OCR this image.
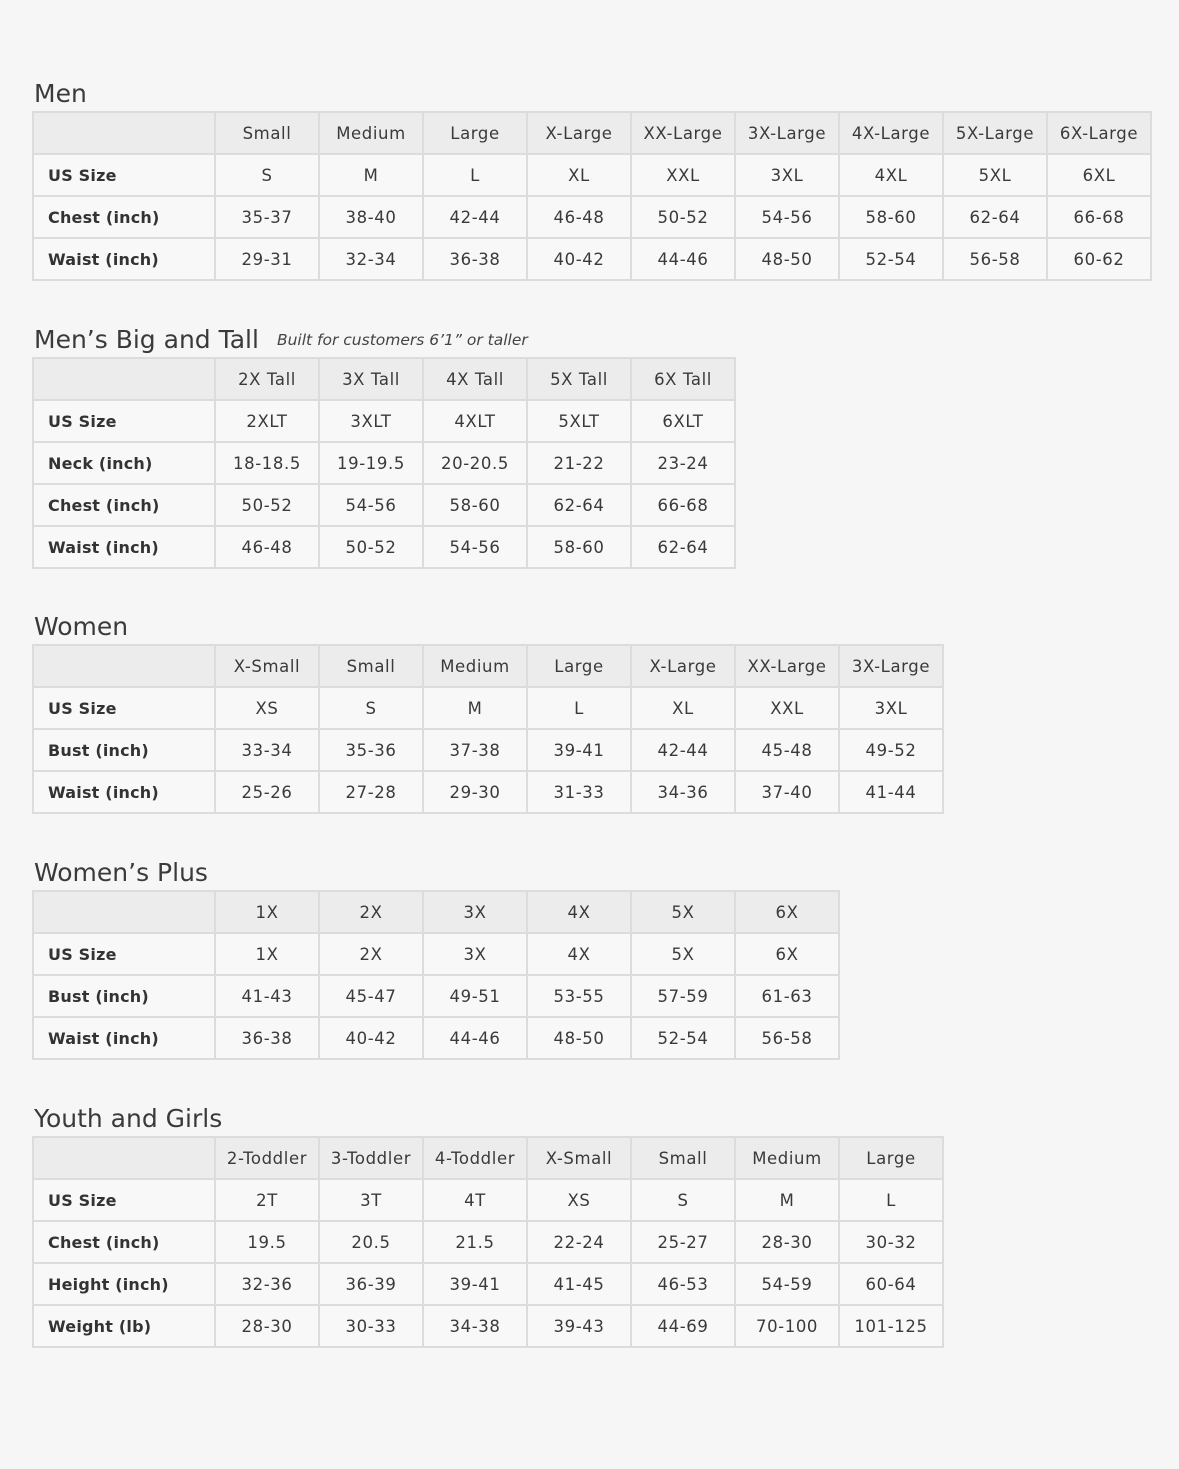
Men
	Small	Medium	Large	X-Large	XX-Large	3X-Large	4X-Large	5X-Large	6X-Large
US Size	S	M	L	XL	XXL	3XL	4XL	5XL	6XL
Chest (inch)	35-37	38-40	42-44	46-48	50-52	54-56	58-60	62-64	66-68
Waist (inch)	29-31	32-34	36-38	40-42	44-46	48-50	52-54	56-58	60-62
Men’s Big and Tall Built for customers 6’1” or taller
	2X Tall	3X Tall	4X Tall	5X Tall	6X Tall
US Size	2XLT	3XLT	4XLT	5XLT	6XLT
Neck (inch)	18-18.5	19-19.5	20-20.5	21-22	23-24
Chest (inch)	50-52	54-56	58-60	62-64	66-68
Waist (inch)	46-48	50-52	54-56	58-60	62-64
Women
	X-Small	Small	Medium	Large	X-Large	XX-Large	3X-Large
US Size	XS	S	M	L	XL	XXL	3XL
Bust (inch)	33-34	35-36	37-38	39-41	42-44	45-48	49-52
Waist (inch)	25-26	27-28	29-30	31-33	34-36	37-40	41-44
Women’s Plus
	1X	2X	3X	4X	5X	6X
US Size	1X	2X	3X	4X	5X	6X
Bust (inch)	41-43	45-47	49-51	53-55	57-59	61-63
Waist (inch)	36-38	40-42	44-46	48-50	52-54	56-58
Youth and Girls
	2-Toddler	3-Toddler	4-Toddler	X-Small	Small	Medium	Large
US Size	2T	3T	4T	XS	S	M	L
Chest (inch)	19.5	20.5	21.5	22-24	25-27	28-30	30-32
Height (inch)	32-36	36-39	39-41	41-45	46-53	54-59	60-64
Weight (lb)	28-30	30-33	34-38	39-43	44-69	70-100	101-125
